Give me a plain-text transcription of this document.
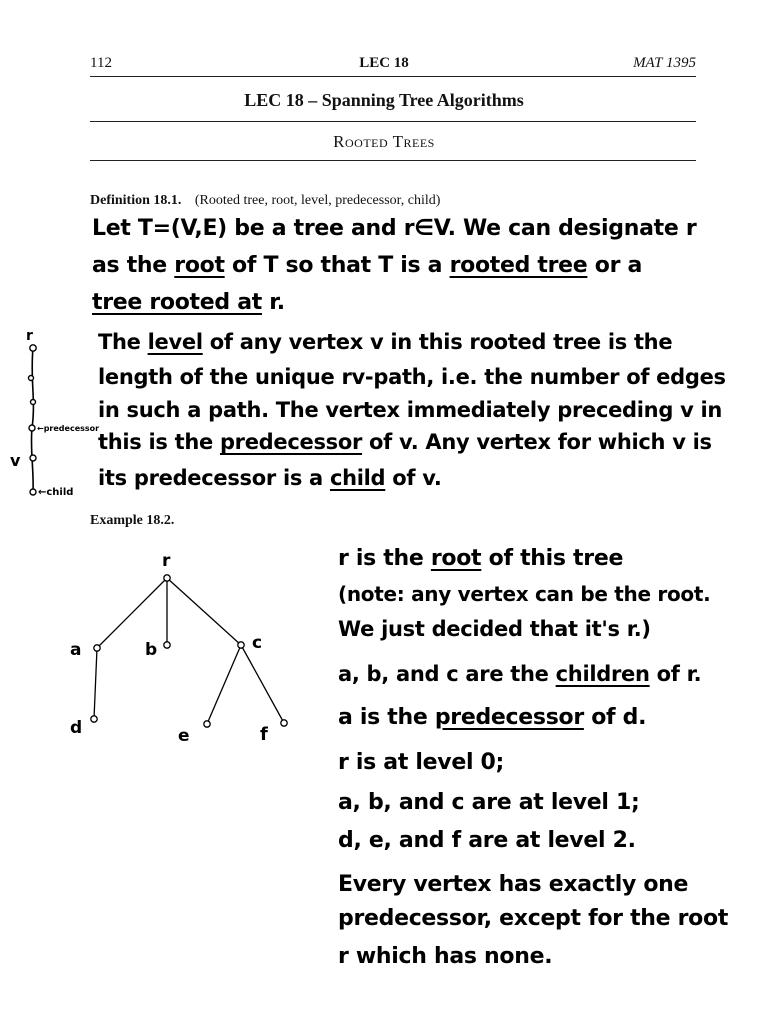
112	LEC 18	MAT 1395
LEC 18 – Spanning Tree Algorithms
Rooted Trees
Definition 18.1. (Rooted tree, root, level, predecessor, child)
Let T=(V,E) be a tree and r∈V. We can designate r
as the root of T so that T is a rooted tree or a
tree rooted at r.
The level of any vertex v in this rooted tree is the
length of the unique rv-path, i.e. the number of edges
in such a path. The vertex immediately preceding v in
this is the predecessor of v. Any vertex for which v is
its predecessor is a child of v.
r
v
←predecessor
←child
r
a	b	c
d	e	f
Example 18.2.
r is the root of this tree
(note: any vertex can be the root.
We just decided that it's r.)
a, b, and c are the children of r.
a is the predecessor of d.
r is at level 0;
a, b, and c are at level 1;
d, e, and f are at level 2.
Every vertex has exactly one
predecessor, except for the root
r which has none.
